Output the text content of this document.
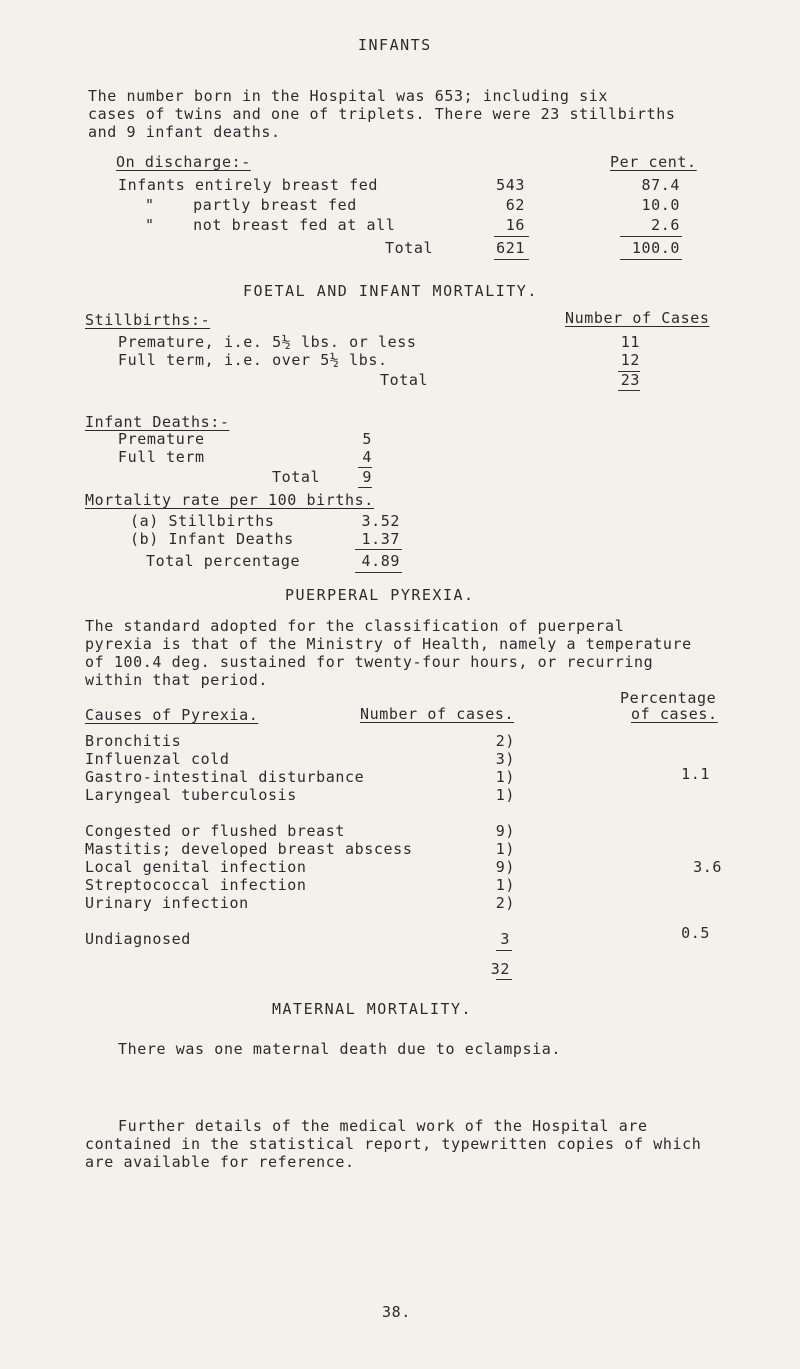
INFANTS
The number born in the Hospital was 653; including six
cases of twins and one of triplets. There were 23 stillbirths
and 9 infant deaths.
On discharge:-	Per cent.
Infants entirely breast fed	543	87.4
"    partly breast fed	62	10.0
"    not breast fed at all	16	2.6
Total	621	100.0
FOETAL AND INFANT MORTALITY.
Stillbirths:-	Number of Cases
Premature, i.e. 5½ lbs. or less	11
Full term, i.e. over 5½ lbs.	12
Total	23
Infant Deaths:-
Premature	5
Full term	4
Total	9
Mortality rate per 100 births.
(a) Stillbirths	3.52
(b) Infant Deaths	1.37
Total percentage	4.89
PUERPERAL PYREXIA.
The standard adopted for the classification of puerperal
pyrexia is that of the Ministry of Health, namely a temperature
of 100.4 deg. sustained for twenty-four hours, or recurring
within that period.
Percentage
Causes of Pyrexia.	Number of cases.	of cases.
Bronchitis	2)
Influenzal cold	3)
Gastro-intestinal disturbance	1)	1.1
Laryngeal tuberculosis	1)
Congested or flushed breast	9)
Mastitis; developed breast abscess	1)
Local genital infection	9)	3.6
Streptococcal infection	1)
Urinary infection	2)
Undiagnosed	3	0.5
32
MATERNAL MORTALITY.
There was one maternal death due to eclampsia.
Further details of the medical work of the Hospital are
contained in the statistical report, typewritten copies of which
are available for reference.
38.
